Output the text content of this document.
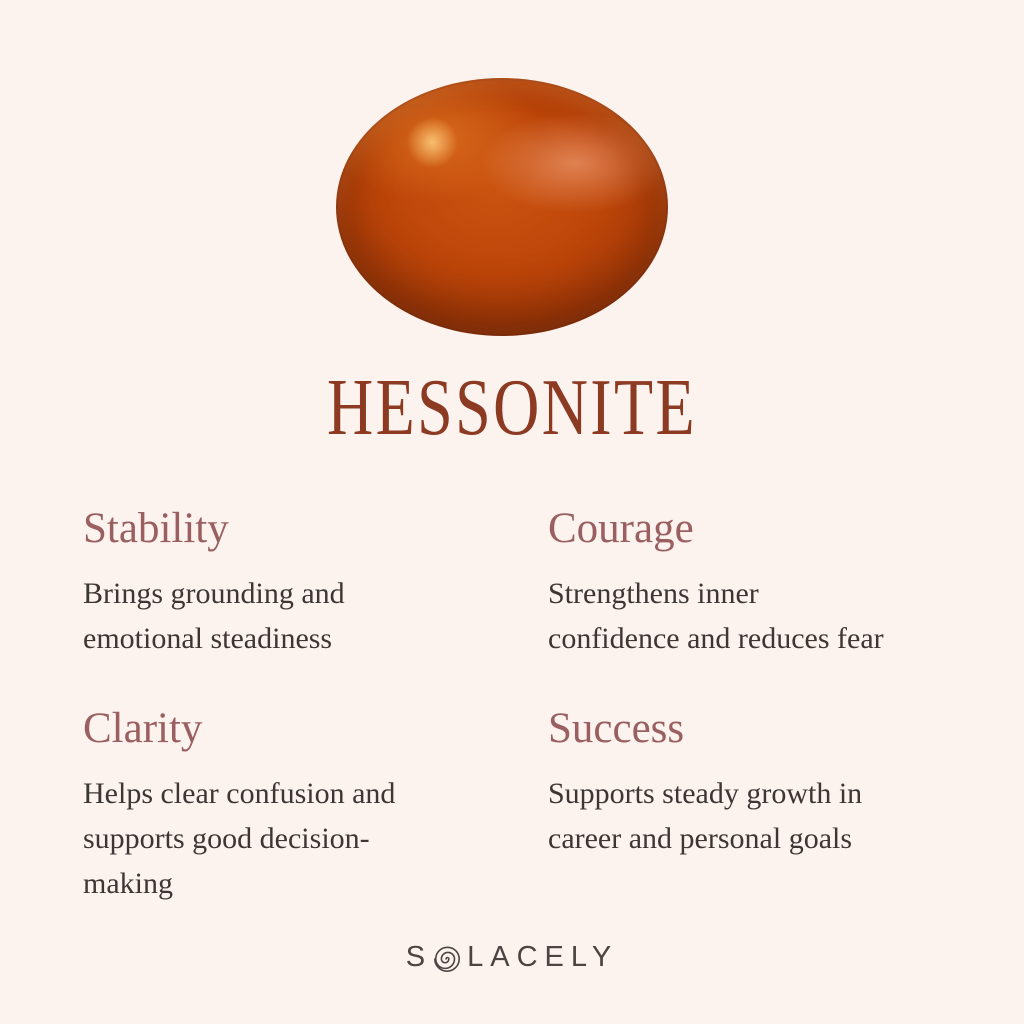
HESSONITE
Stability

Brings grounding and
emotional steadiness

Courage

Strengthens inner
confidence and reduces fear

Clarity

Helps clear confusion and
supports good decision-
making

Success

Supports steady growth in
career and personal goals

S LACELY
